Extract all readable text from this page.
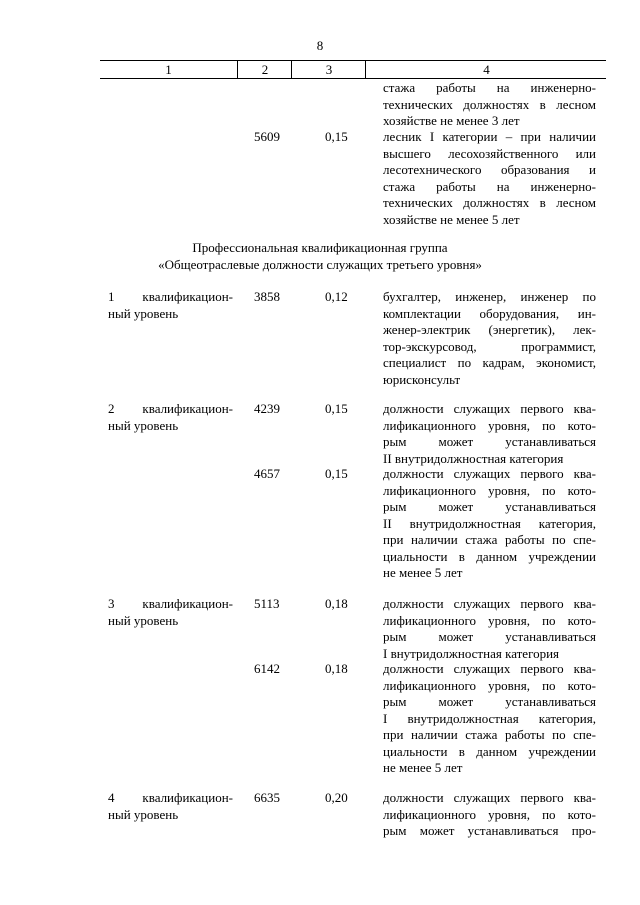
8
1	2	3	4
стажа работы на инженерно-
технических должностях в лесном
хозяйстве не менее 3 лет
5609	0,15	лесник I категории – при наличии
высшего лесохозяйственного или
лесотехнического образования и
стажа работы на инженерно-
технических должностях в лесном
хозяйстве не менее 5 лет
Профессиональная квалификационная группа
«Общеотраслевые должности служащих третьего уровня»
1 квалификацион-
ный уровень
3858	0,12	бухгалтер, инженер, инженер по
комплектации оборудования, ин-
женер-электрик (энергетик), лек-
тор-экскурсовод, программист,
специалист по кадрам, экономист,
юрисконсульт
2 квалификацион-
ный уровень
4239	0,15	должности служащих первого ква-
лификационного уровня, по кото-
рым может устанавливаться
II внутридолжностная категория
4657	0,15	должности служащих первого ква-
лификационного уровня, по кото-
рым может устанавливаться
II внутридолжностная категория,
при наличии стажа работы по спе-
циальности в данном учреждении
не менее 5 лет
3 квалификацион-
ный уровень
5113	0,18	должности служащих первого ква-
лификационного уровня, по кото-
рым может устанавливаться
I внутридолжностная категория
6142	0,18	должности служащих первого ква-
лификационного уровня, по кото-
рым может устанавливаться
I внутридолжностная категория,
при наличии стажа работы по спе-
циальности в данном учреждении
не менее 5 лет
4 квалификацион-
ный уровень
6635	0,20	должности служащих первого ква-
лификационного уровня, по кото-
рым может устанавливаться про-
